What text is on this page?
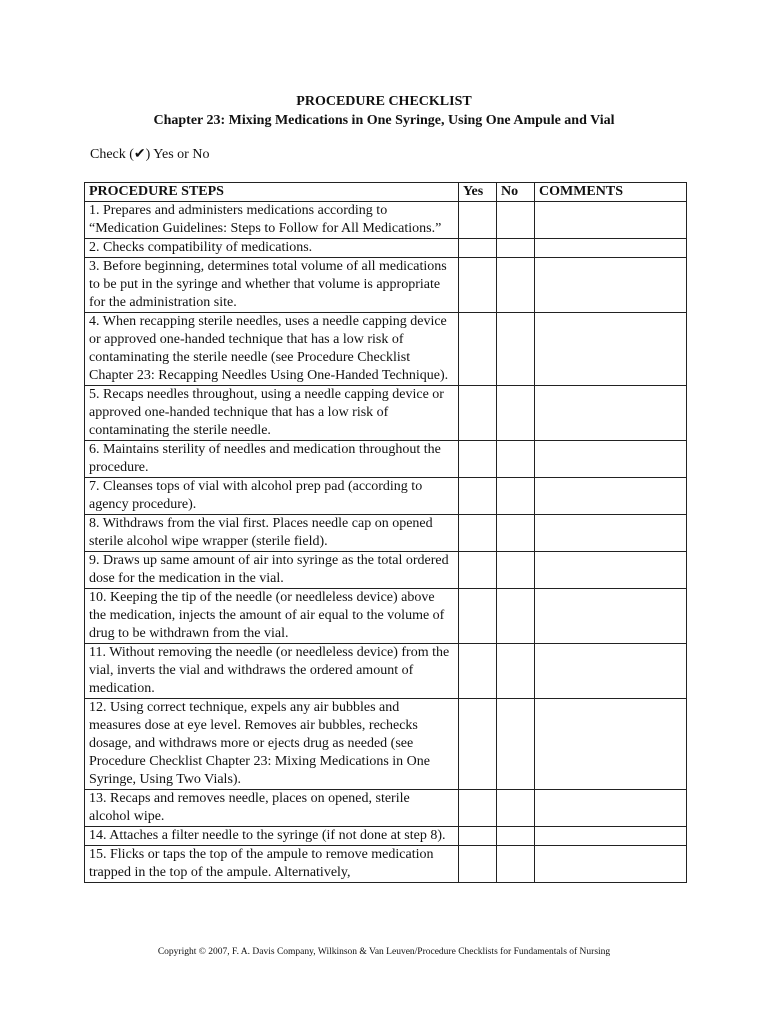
PROCEDURE CHECKLIST
Chapter 23: Mixing Medications in One Syringe, Using One Ampule and Vial
Check (✔) Yes or No
PROCEDURE STEPS	Yes	No	COMMENTS
1. Prepares and administers medications according to “Medication Guidelines: Steps to Follow for All Medications.”			
2. Checks compatibility of medications.			
3. Before beginning, determines total volume of all medications to be put in the syringe and whether that volume is appropriate for the administration site.			
4. When recapping sterile needles, uses a needle capping device or approved one-handed technique that has a low risk of contaminating the sterile needle (see Procedure Checklist Chapter 23: Recapping Needles Using One-Handed Technique).			
5. Recaps needles throughout, using a needle capping device or approved one-handed technique that has a low risk of contaminating the sterile needle.			
6. Maintains sterility of needles and medication throughout the procedure.			
7. Cleanses tops of vial with alcohol prep pad (according to agency procedure).			
8. Withdraws from the vial first. Places needle cap on opened sterile alcohol wipe wrapper (sterile field).			
9. Draws up same amount of air into syringe as the total ordered dose for the medication in the vial.			
10. Keeping the tip of the needle (or needleless device) above the medication, injects the amount of air equal to the volume of drug to be withdrawn from the vial.			
11. Without removing the needle (or needleless device) from the vial, inverts the vial and withdraws the ordered amount of medication.			
12. Using correct technique, expels any air bubbles and measures dose at eye level. Removes air bubbles, rechecks dosage, and withdraws more or ejects drug as needed (see Procedure Checklist Chapter 23: Mixing Medications in One Syringe, Using Two Vials).			
13. Recaps and removes needle, places on opened, sterile alcohol wipe.			
14. Attaches a filter needle to the syringe (if not done at step 8).			
15. Flicks or taps the top of the ampule to remove medication trapped in the top of the ampule. Alternatively,			
Copyright © 2007, F. A. Davis Company, Wilkinson & Van Leuven/Procedure Checklists for Fundamentals of Nursing
